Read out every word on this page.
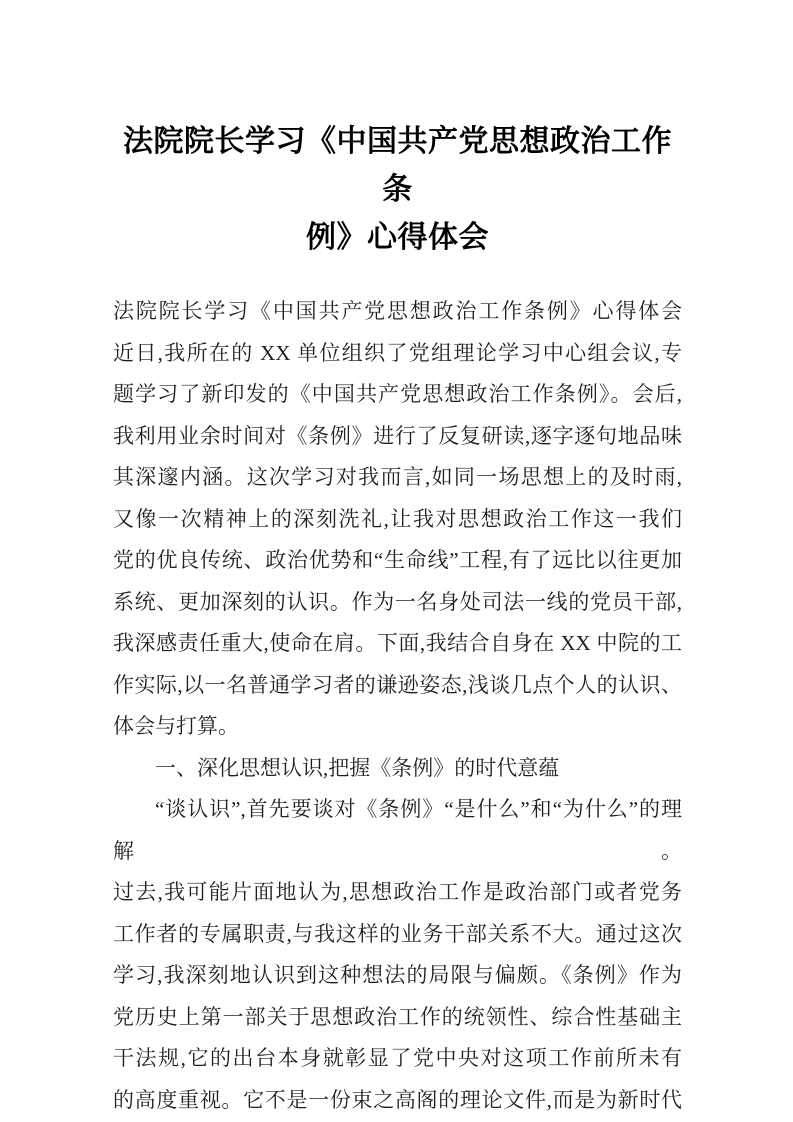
法院院长学习《中国共产党思想政治工作条
例》心得体会
法院院长学习《中国共产党思想政治工作条例》心得体会
近日,我所在的 XX 单位组织了党组理论学习中心组会议,专
题学习了新印发的《中国共产党思想政治工作条例》。会后,
我利用业余时间对《条例》进行了反复研读,逐字逐句地品味
其深邃内涵。这次学习对我而言,如同一场思想上的及时雨,
又像一次精神上的深刻洗礼,让我对思想政治工作这一我们
党的优良传统、政治优势和“生命线”工程,有了远比以往更加
系统、更加深刻的认识。作为一名身处司法一线的党员干部,
我深感责任重大,使命在肩。下面,我结合自身在 XX 中院的工
作实际,以一名普通学习者的谦逊姿态,浅谈几点个人的认识、
体会与打算。
一、深化思想认识,把握《条例》的时代意蕴
“谈认识”,首先要谈对《条例》“是什么”和“为什么”的理解。
过去,我可能片面地认为,思想政治工作是政治部门或者党务
工作者的专属职责,与我这样的业务干部关系不大。通过这次
学习,我深刻地认识到这种想法的局限与偏颇。《条例》作为
党历史上第一部关于思想政治工作的统领性、综合性基础主
干法规,它的出台本身就彰显了党中央对这项工作前所未有
的高度重视。它不是一份束之高阁的理论文件,而是为新时代
